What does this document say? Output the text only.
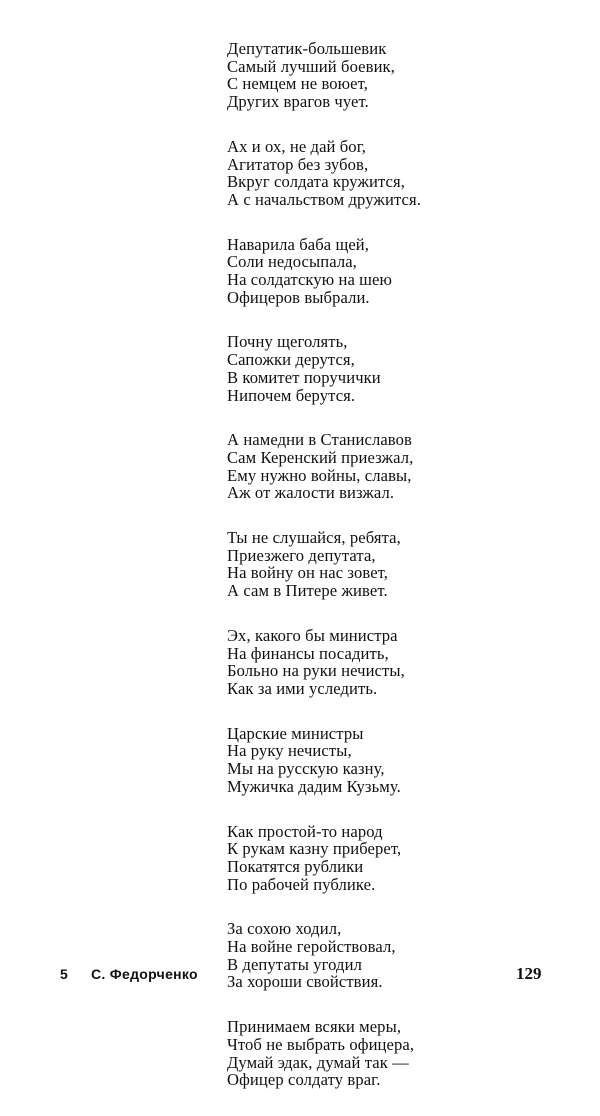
Депутатик-большевик
Самый лучший боевик,
С немцем не воюет,
Других врагов чует.
Ах и ох, не дай бог,
Агитатор без зубов,
Вкруг солдата кружится,
А с начальством дружится.
Наварила баба щей,
Соли недосыпала,
На солдатскую на шею
Офицеров выбрали.
Почну щеголять,
Сапожки дерутся,
В комитет поручички
Нипочем берутся.
А намедни в Станиславов
Сам Керенский приезжал,
Ему нужно войны, славы,
Аж от жалости визжал.
Ты не слушайся, ребята,
Приезжего депутата,
На войну он нас зовет,
А сам в Питере живет.
Эх, какого бы министра
На финансы посадить,
Больно на руки нечисты,
Как за ими уследить.
Царские министры
На руку нечисты,
Мы на русскую казну,
Мужичка дадим Кузьму.
Как простой-то народ
К рукам казну приберет,
Покатятся рублики
По рабочей публике.
За сохою ходил,
На войне геройствовал,
В депутаты угодил
За хороши свойствия.
Принимаем всяки меры,
Чтоб не выбрать офицера,
Думай эдак, думай так —
Офицер солдату враг.
5 С. Федорченко	129
